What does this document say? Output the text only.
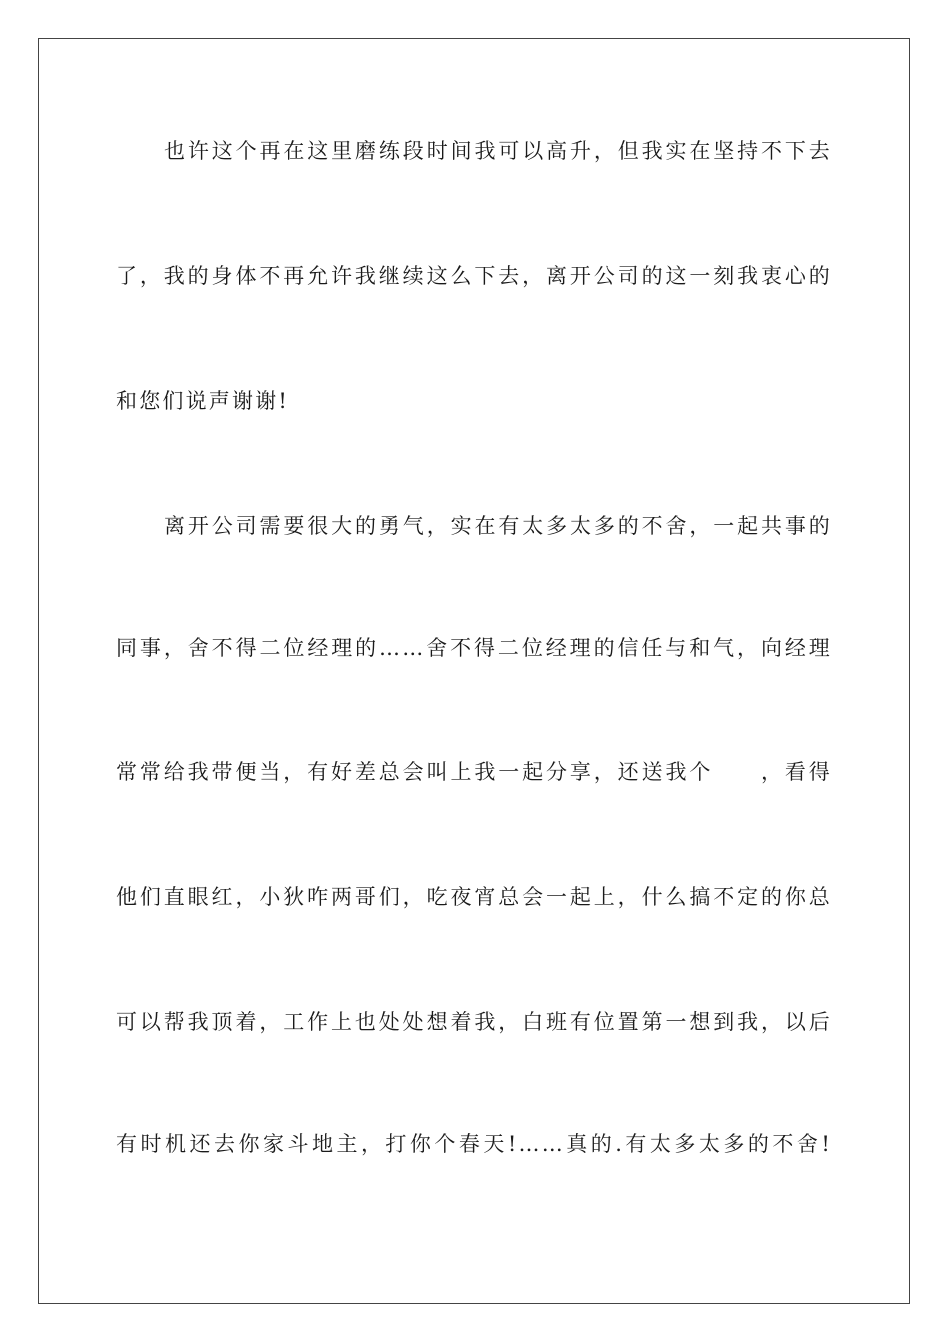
也许这个再在这里磨练段时间我可以高升，但我实在坚持不下去
了，我的身体不再允许我继续这么下去，离开公司的这一刻我衷心的
和您们说声谢谢!
离开公司需要很大的勇气，实在有太多太多的不舍，一起共事的
同事，舍不得二位经理的……舍不得二位经理的信任与和气，向经理
常常给我带便当，有好差总会叫上我一起分享，还送我个　　，看得
他们直眼红，小狄咋两哥们，吃夜宵总会一起上，什么搞不定的你总
可以帮我顶着，工作上也处处想着我，白班有位置第一想到我，以后
有时机还去你家斗地主，打你个春天!……真的.有太多太多的不舍!
